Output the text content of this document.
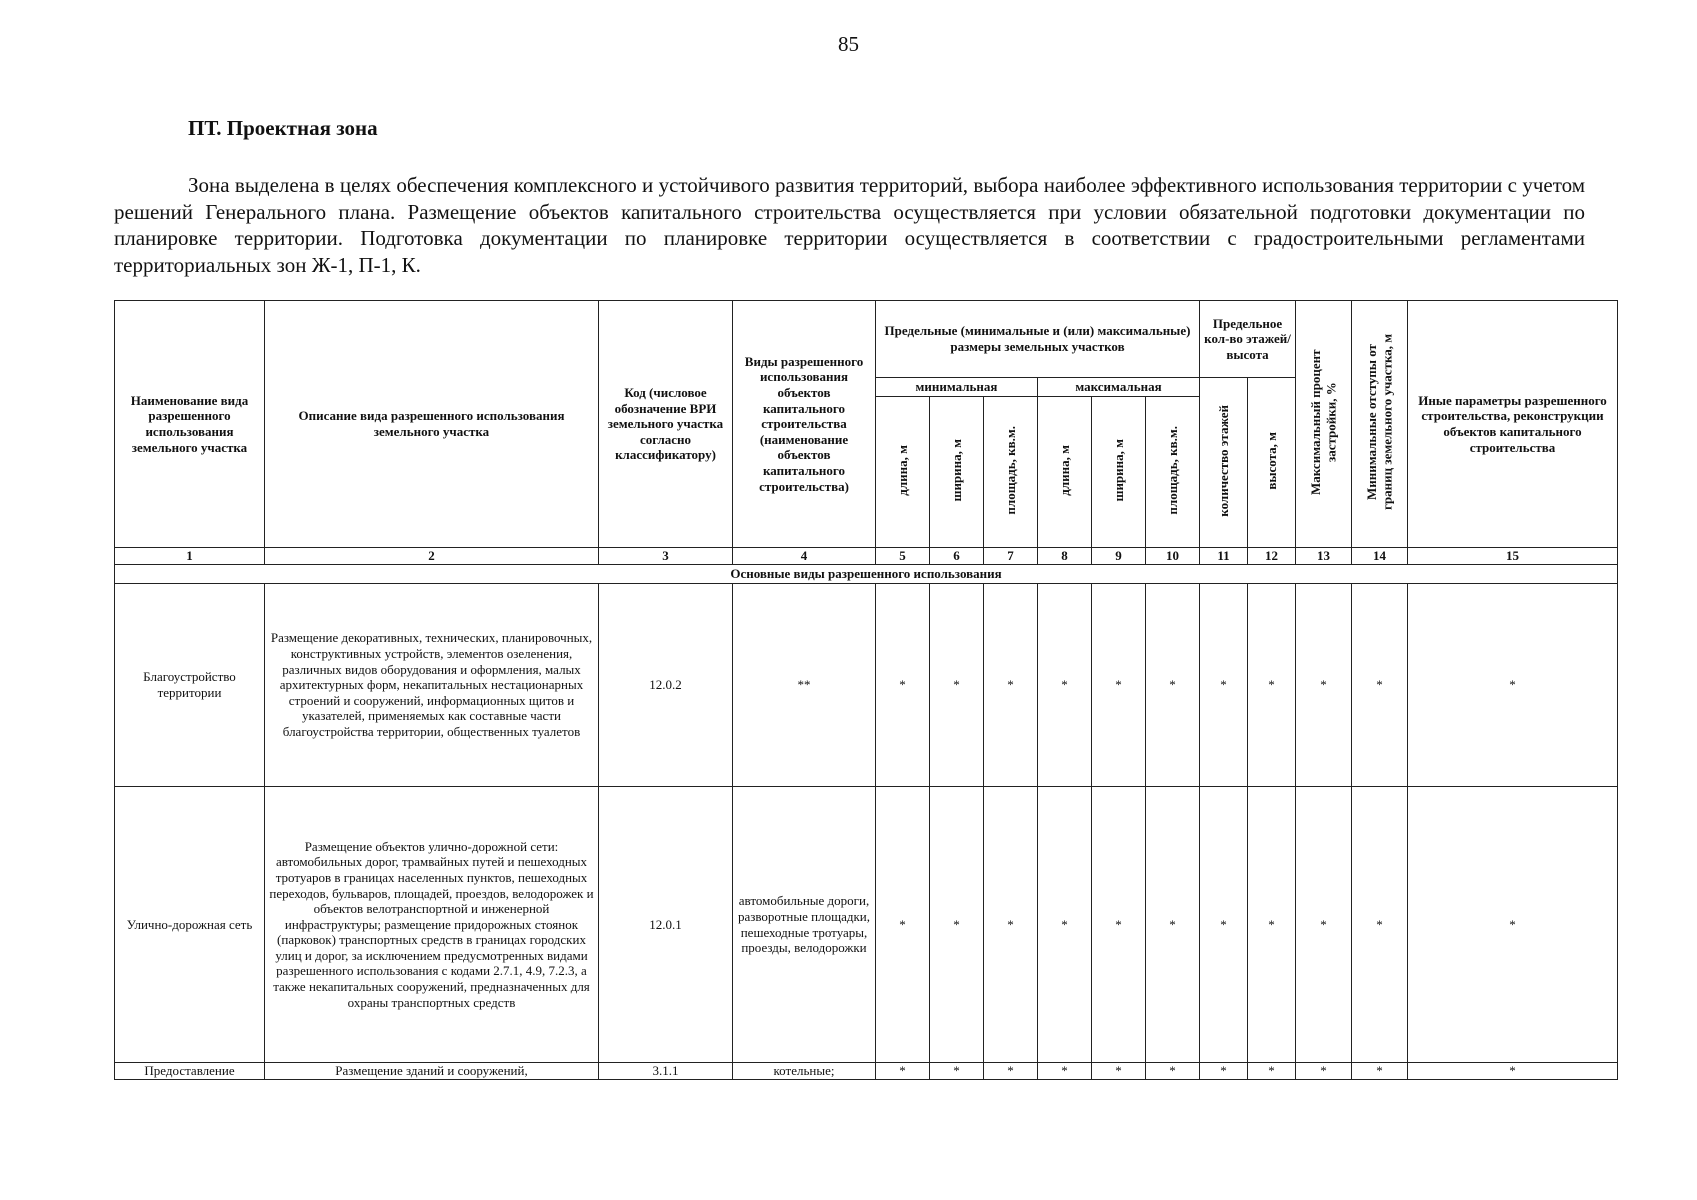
85
ПТ. Проектная зона

Зона выделена в целях обеспечения комплексного и устойчивого развития территорий, выбора наиболее эффективного использования территории с учетом решений Генерального плана. Размещение объектов капитального строительства осуществляется при условии обязательной подготовки документации по планировке территории. Подготовка документации по планировке территории осуществляется в соответствии с градостроительными регламентами территориальных зон Ж-1, П-1, К.

Наименование вида разрешенного использования земельного участка	Описание вида разрешенного использования земельного участка	Код (числовое обозначение ВРИ земельного участка согласно классификатору)	Виды разрешенного использования объектов капитального строительства (наименование объектов капитального строительства)	Предельные (минимальные и (или) максимальные) размеры земельных участков						Предельное кол-во этажей/ высота		Максимальный процент застройки, %	Минимальные отступы от границ земельного участка, м	Иные параметры разрешенного строительства, реконструкции объектов капитального строительства
				минимальная			максимальная			количество этажей	высота, м			
				длина, м	ширина, м	площадь, кв.м.	длина, м	ширина, м	площадь, кв.м.					
1	2	3	4	5	6	7	8	9	10	11	12	13	14	15
Основные виды разрешенного использования														
Благоустройство территории	Размещение декоративных, технических, планировочных, конструктивных устройств, элементов озеленения, различных видов оборудования и оформления, малых архитектурных форм, некапитальных нестационарных строений и сооружений, информационных щитов и указателей, применяемых как составные части благоустройства территории, общественных туалетов	12.0.2	**	*	*	*	*	*	*	*	*	*	*	*
Улично-дорожная сеть	Размещение объектов улично-дорожной сети: автомобильных дорог, трамвайных путей и пешеходных тротуаров в границах населенных пунктов, пешеходных переходов, бульваров, площадей, проездов, велодорожек и объектов велотранспортной и инженерной инфраструктуры; размещение придорожных стоянок (парковок) транспортных средств в границах городских улиц и дорог, за исключением предусмотренных видами разрешенного использования с кодами 2.7.1, 4.9, 7.2.3, а также некапитальных сооружений, предназначенных для охраны транспортных средств	12.0.1	автомобильные дороги, разворотные площадки, пешеходные тротуары, проезды, велодорожки	*	*	*	*	*	*	*	*	*	*	*
Предоставление	Размещение зданий и сооружений,	3.1.1	котельные;	*	*	*	*	*	*	*	*	*	*	*
